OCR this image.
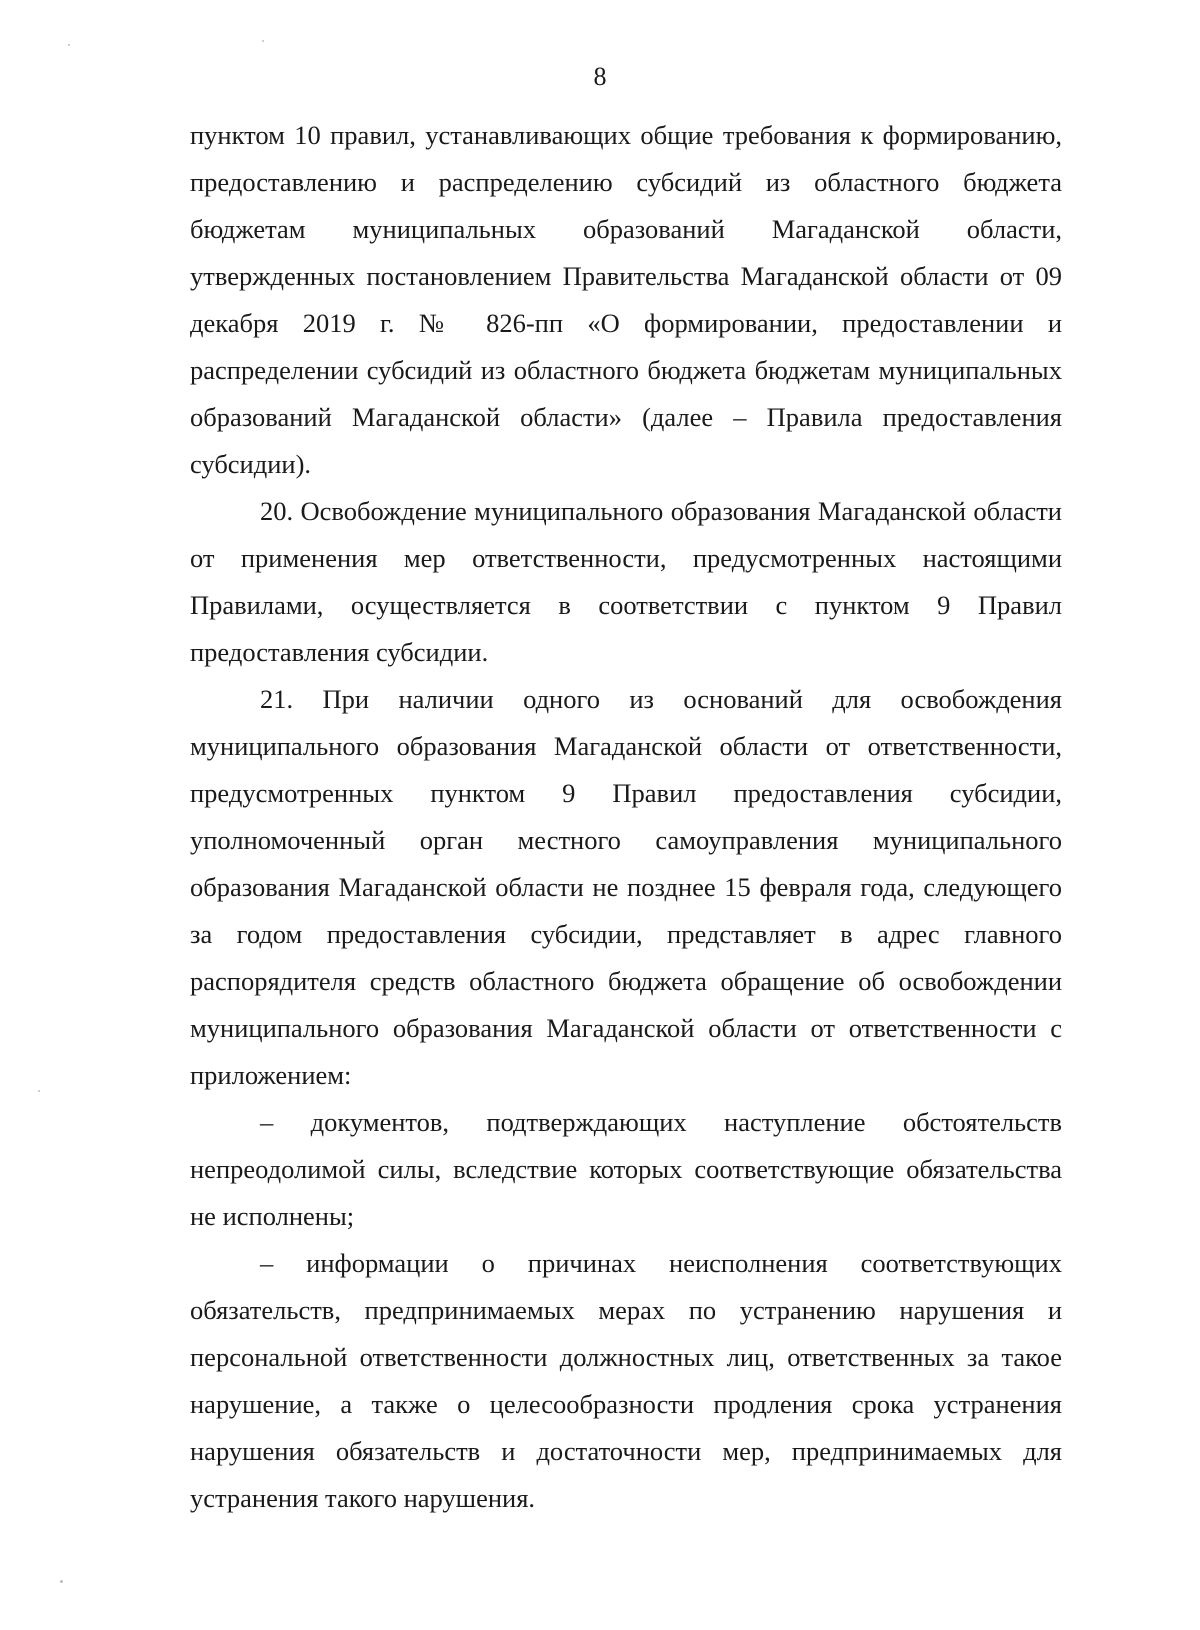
8

пунктом 10 правил, устанавливающих общие требования к формированию, предоставлению и распределению субсидий из областного бюджета бюджетам муниципальных образований Магаданской области, утвержденных постановлением Правительства Магаданской области от 09 декабря 2019 г. № 826-пп «О формировании, предоставлении и распределении субсидий из областного бюджета бюджетам муниципальных образований Магаданской области» (далее – Правила предоставления субсидии).

20. Освобождение муниципального образования Магаданской области от применения мер ответственности, предусмотренных настоящими Правилами, осуществляется в соответствии с пунктом 9 Правил предоставления субсидии.

21. При наличии одного из оснований для освобождения муниципального образования Магаданской области от ответственности, предусмотренных пунктом 9 Правил предоставления субсидии, уполномоченный орган местного самоуправления муниципального образования Магаданской области не позднее 15 февраля года, следующего за годом предоставления субсидии, представляет в адрес главного распорядителя средств областного бюджета обращение об освобождении муниципального образования Магаданской области от ответственности с приложением:

– документов, подтверждающих наступление обстоятельств непреодолимой силы, вследствие которых соответствующие обязательства не исполнены;

– информации о причинах неисполнения соответствующих обязательств, предпринимаемых мерах по устранению нарушения и персональной ответственности должностных лиц, ответственных за такое нарушение, а также о целесообразности продления срока устранения нарушения обязательств и достаточности мер, предпринимаемых для устранения такого нарушения.
